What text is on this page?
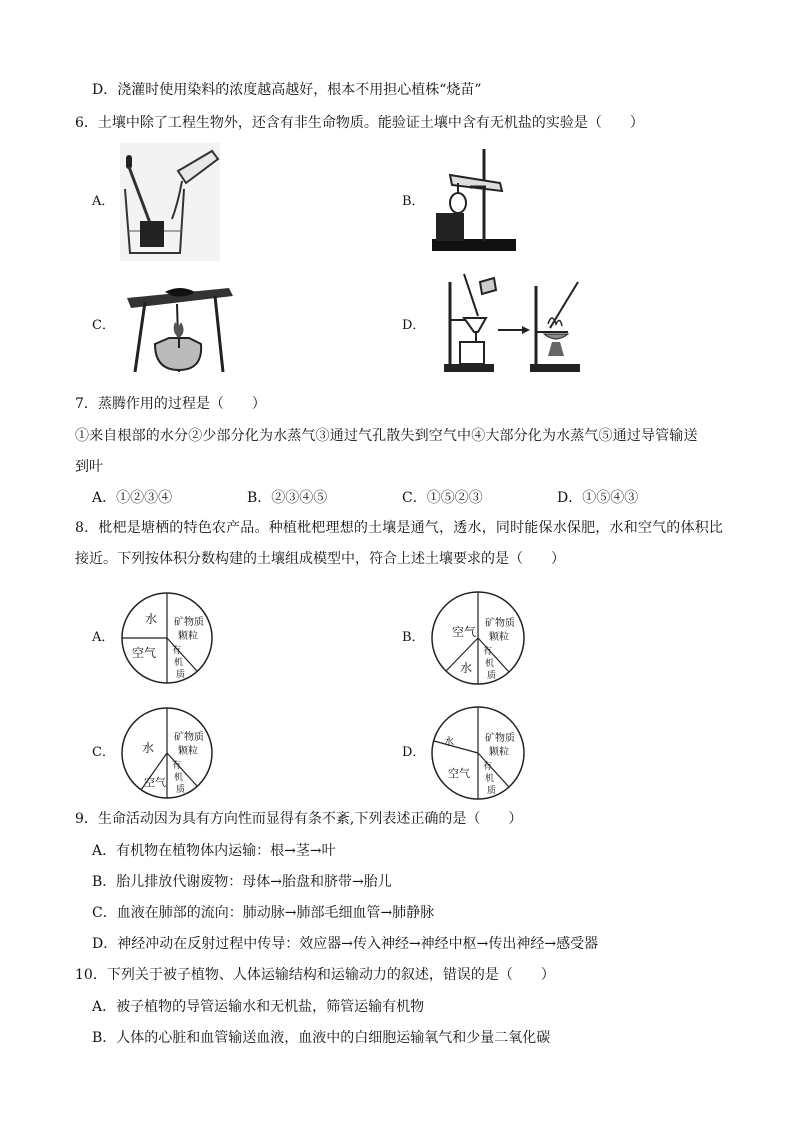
D．浇灌时使用染料的浓度越高越好，根本不用担心植株“烧苗”
6．土壤中除了工程生物外，还含有非生命物质。能验证土壤中含有无机盐的实验是（　　）
A．	B．
C．	D．
7．蒸腾作用的过程是（　　）
①来自根部的水分②少部分化为水蒸气③通过气孔散失到空气中④大部分化为水蒸气⑤通过导管输送
到叶
A．①②③④	B．②③④⑤	C．①⑤②③	D．①⑤④③
8．枇杷是塘栖的特色农产品。种植枇杷理想的土壤是通气，透水，同时能保水保肥，水和空气的体积比
接近。下列按体积分数构建的土壤组成模型中，符合上述土壤要求的是（　　）
A．
水
空气
矿物质
颗粒
有
机
质
B． 空气
水
矿物质
颗粒
有
机
质
C． 水
空气
矿物质
颗粒
有
机
质
D．
水
空气
矿物质
颗粒
有
机
质
9．生命活动因为具有方向性而显得有条不紊,下列表述正确的是（　　）
A．有机物在植物体内运输：根→茎→叶
B．胎儿排放代谢废物：母体→胎盘和脐带→胎儿
C．血液在肺部的流向：肺动脉→肺部毛细血管→肺静脉
D．神经冲动在反射过程中传导：效应器→传入神经→神经中枢→传出神经→感受器
10．下列关于被子植物、人体运输结构和运输动力的叙述，错误的是（　　）
A．被子植物的导管运输水和无机盐，筛管运输有机物
B．人体的心脏和血管输送血液，血液中的白细胞运输氧气和少量二氧化碳
